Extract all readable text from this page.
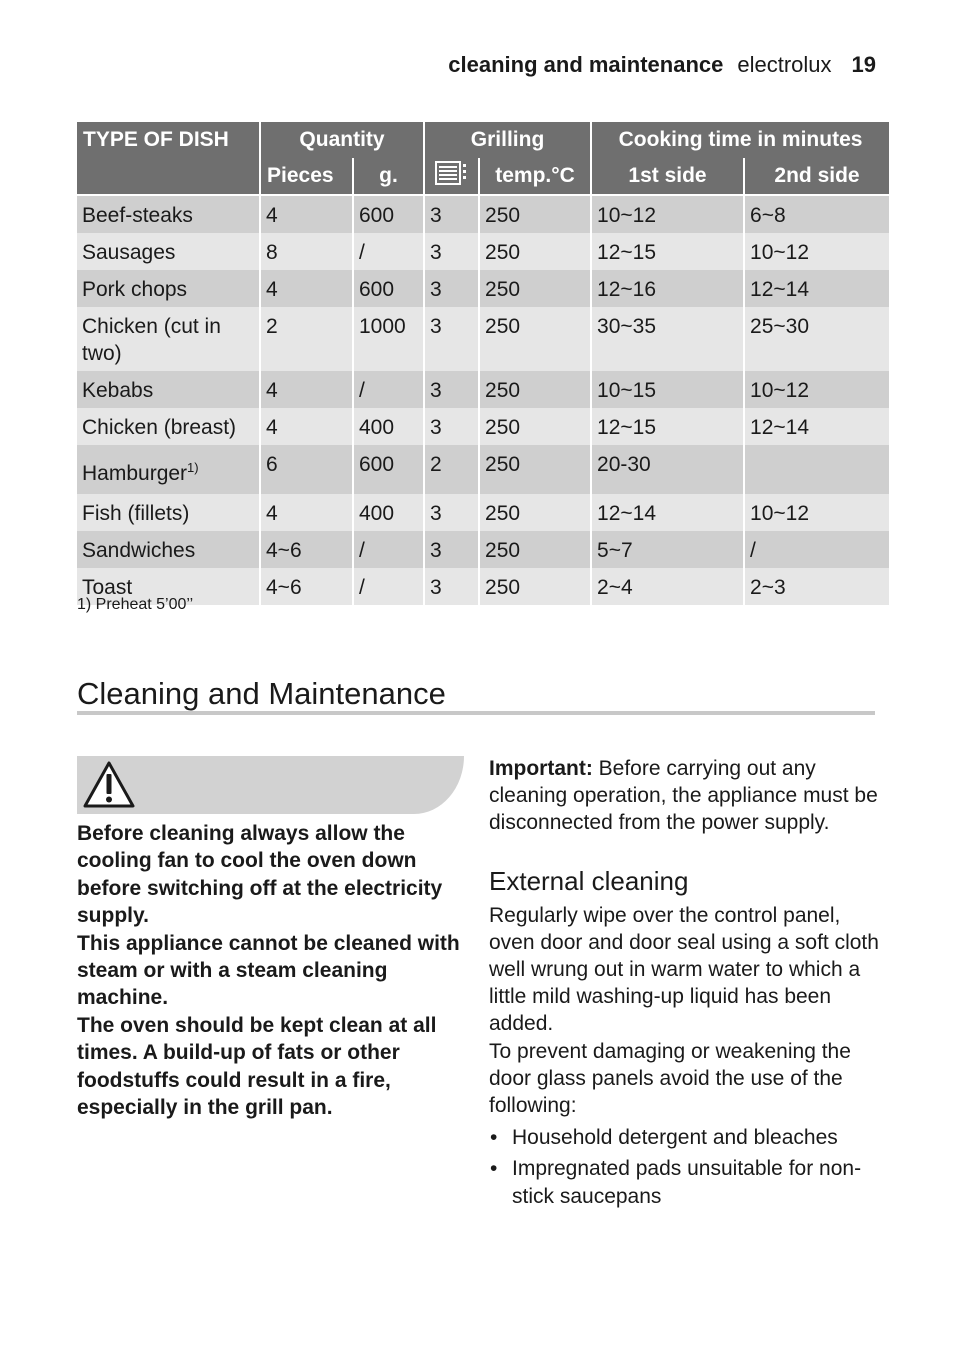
cleaning and maintenance electrolux 19
TYPE OF DISH	Quantity		Grilling		Cooking time in minutes	
	Pieces	g.		temp.°C	1st side	2nd side
Beef-steaks	4	600	3	250	10~12	6~8
Sausages	8	/	3	250	12~15	10~12
Pork chops	4	600	3	250	12~16	12~14
Chicken (cut in two)	2	1000	3	250	30~35	25~30
Kebabs	4	/	3	250	10~15	10~12
Chicken (breast)	4	400	3	250	12~15	12~14
Hamburger$^{1)}$	6	600	2	250	20-30	
Fish (fillets)	4	400	3	250	12~14	10~12
Sandwiches	4~6	/	3	250	5~7	/
Toast	4~6	/	3	250	2~4	2~3
1) Preheat 5’00’’
Cleaning and Maintenance

Before cleaning always allow the cooling fan to cool the oven down before switching off at the electricity supply.

This appliance cannot be cleaned with steam or with a steam cleaning machine.

The oven should be kept clean at all times. A build-up of fats or other foodstuffs could result in a fire, especially in the grill pan.

Important: Before carrying out any cleaning operation, the appliance must be disconnected from the power supply.

External cleaning

Regularly wipe over the control panel, oven door and door seal using a soft cloth well wrung out in warm water to which a little mild washing-up liquid has been added.

To prevent damaging or weakening the door glass panels avoid the use of the following:

• Household detergent and bleaches
• Impregnated pads unsuitable for non-stick saucepans
